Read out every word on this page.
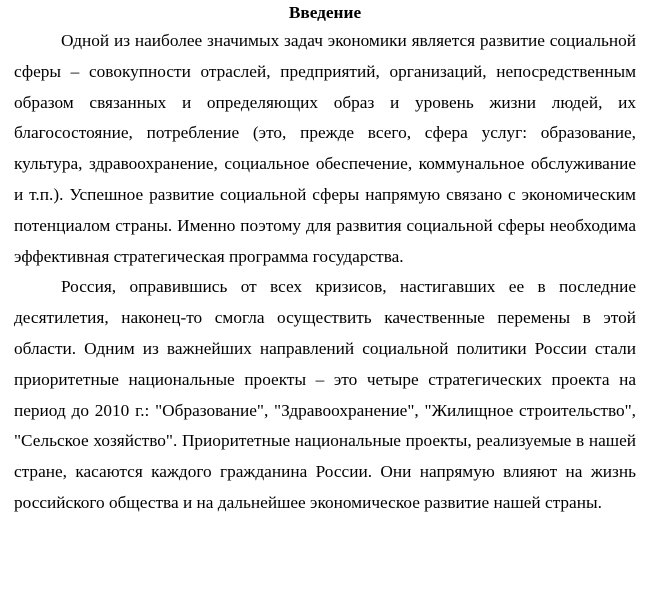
Введение

Одной из наиболее значимых задач экономики является развитие социальной сферы – совокупности отраслей, предприятий, организаций, непосредственным образом связанных и определяющих образ и уровень жизни людей, их благосостояние, потребление (это, прежде всего, сфера услуг: образование, культура, здравоохранение, социальное обеспечение, коммунальное обслуживание и т.п.). Успешное развитие социальной сферы напрямую связано с экономическим потенциалом страны. Именно поэтому для развития социальной сферы необходима эффективная стратегическая программа государства.

Россия, оправившись от всех кризисов, настигавших ее в последние десятилетия, наконец-то смогла осуществить качественные перемены в этой области. Одним из важнейших направлений социальной политики России стали приоритетные национальные проекты – это четыре стратегических проекта на период до 2010 г.: "Образование", "Здравоохранение", "Жилищное строительство", "Сельское хозяйство". Приоритетные национальные проекты, реализуемые в нашей стране, касаются каждого гражданина России. Они напрямую влияют на жизнь российского общества и на дальнейшее экономическое развитие нашей страны.
